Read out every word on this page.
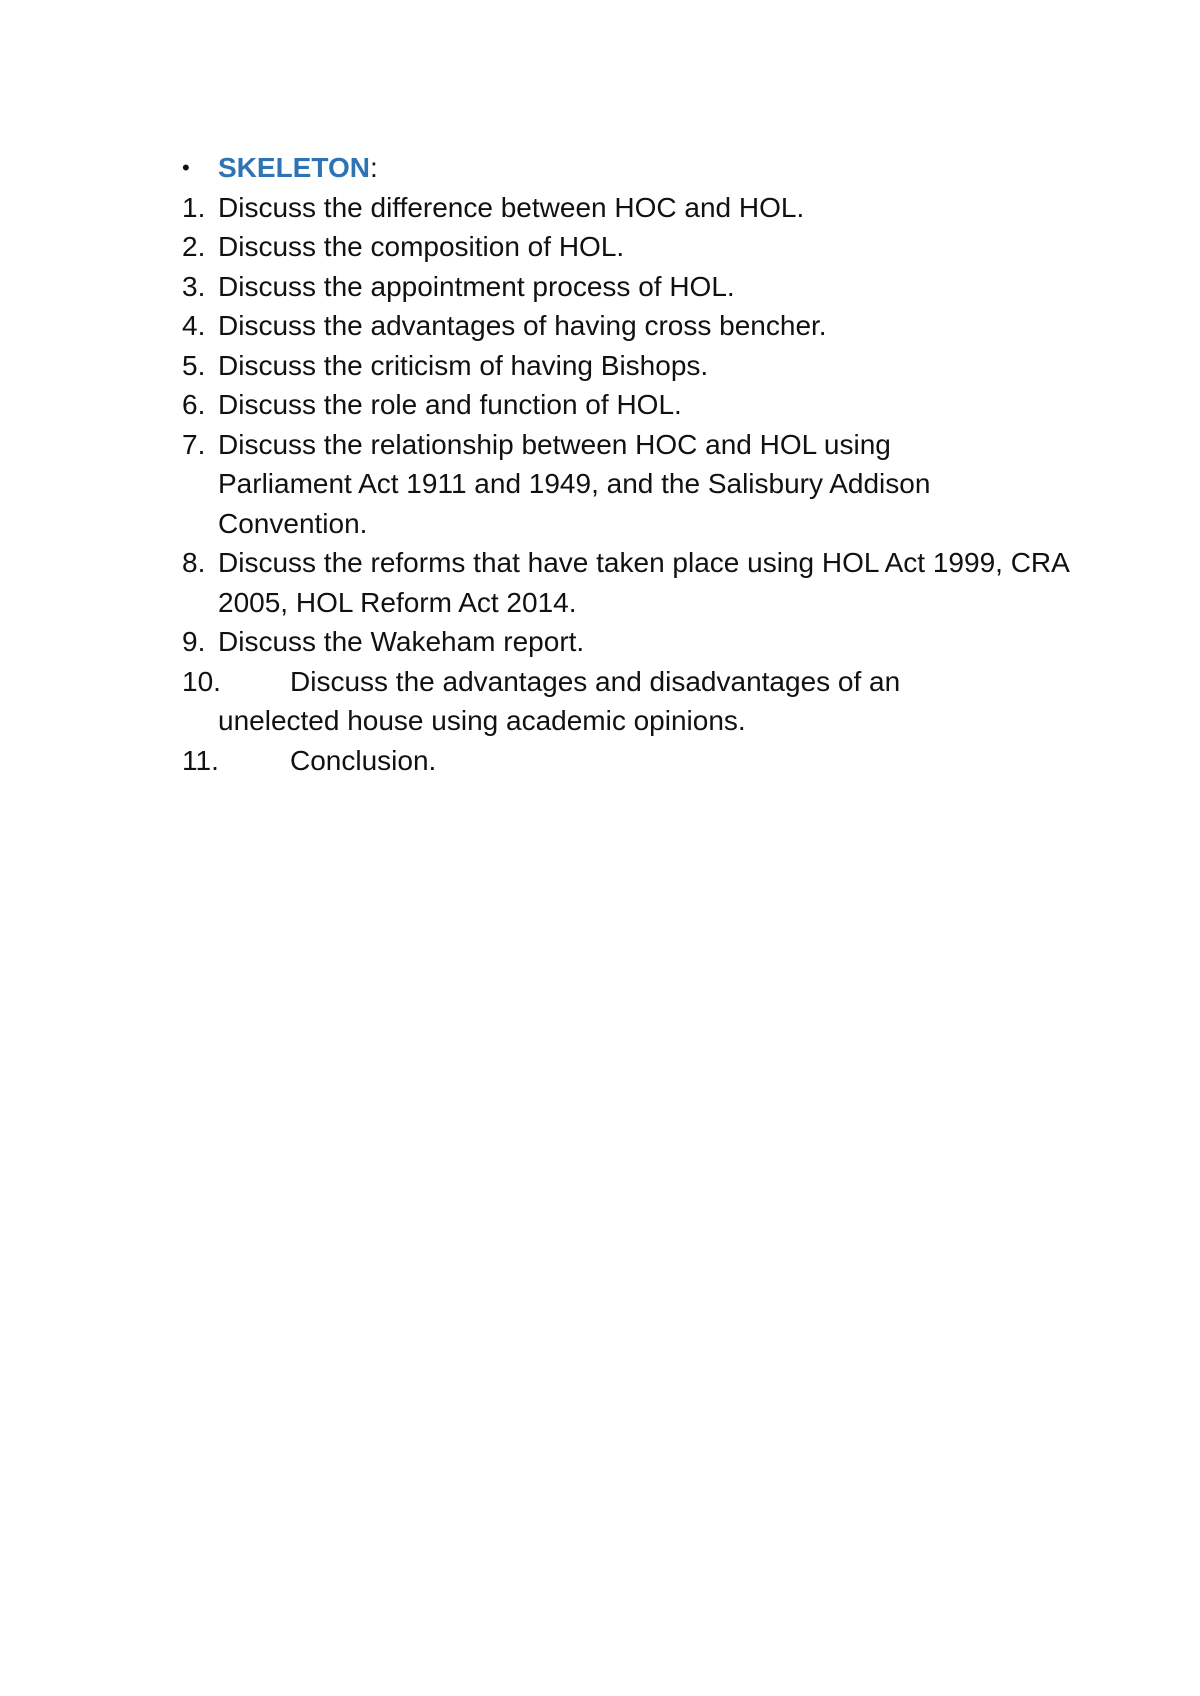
•	SKELETON:
1. Discuss the difference between HOC and HOL.
2. Discuss the composition of HOL.
3. Discuss the appointment process of HOL.
4. Discuss the advantages of having cross bencher.
5. Discuss the criticism of having Bishops.
6. Discuss the role and function of HOL.
7. Discuss the relationship between HOC and HOL using Parliament Act 1911 and 1949, and the Salisbury Addison Convention.
8. Discuss the reforms that have taken place using HOL Act 1999, CRA 2005, HOL Reform Act 2014.
9. Discuss the Wakeham report.
10.	Discuss the advantages and disadvantages of an unelected house using academic opinions.
11.	Conclusion.
